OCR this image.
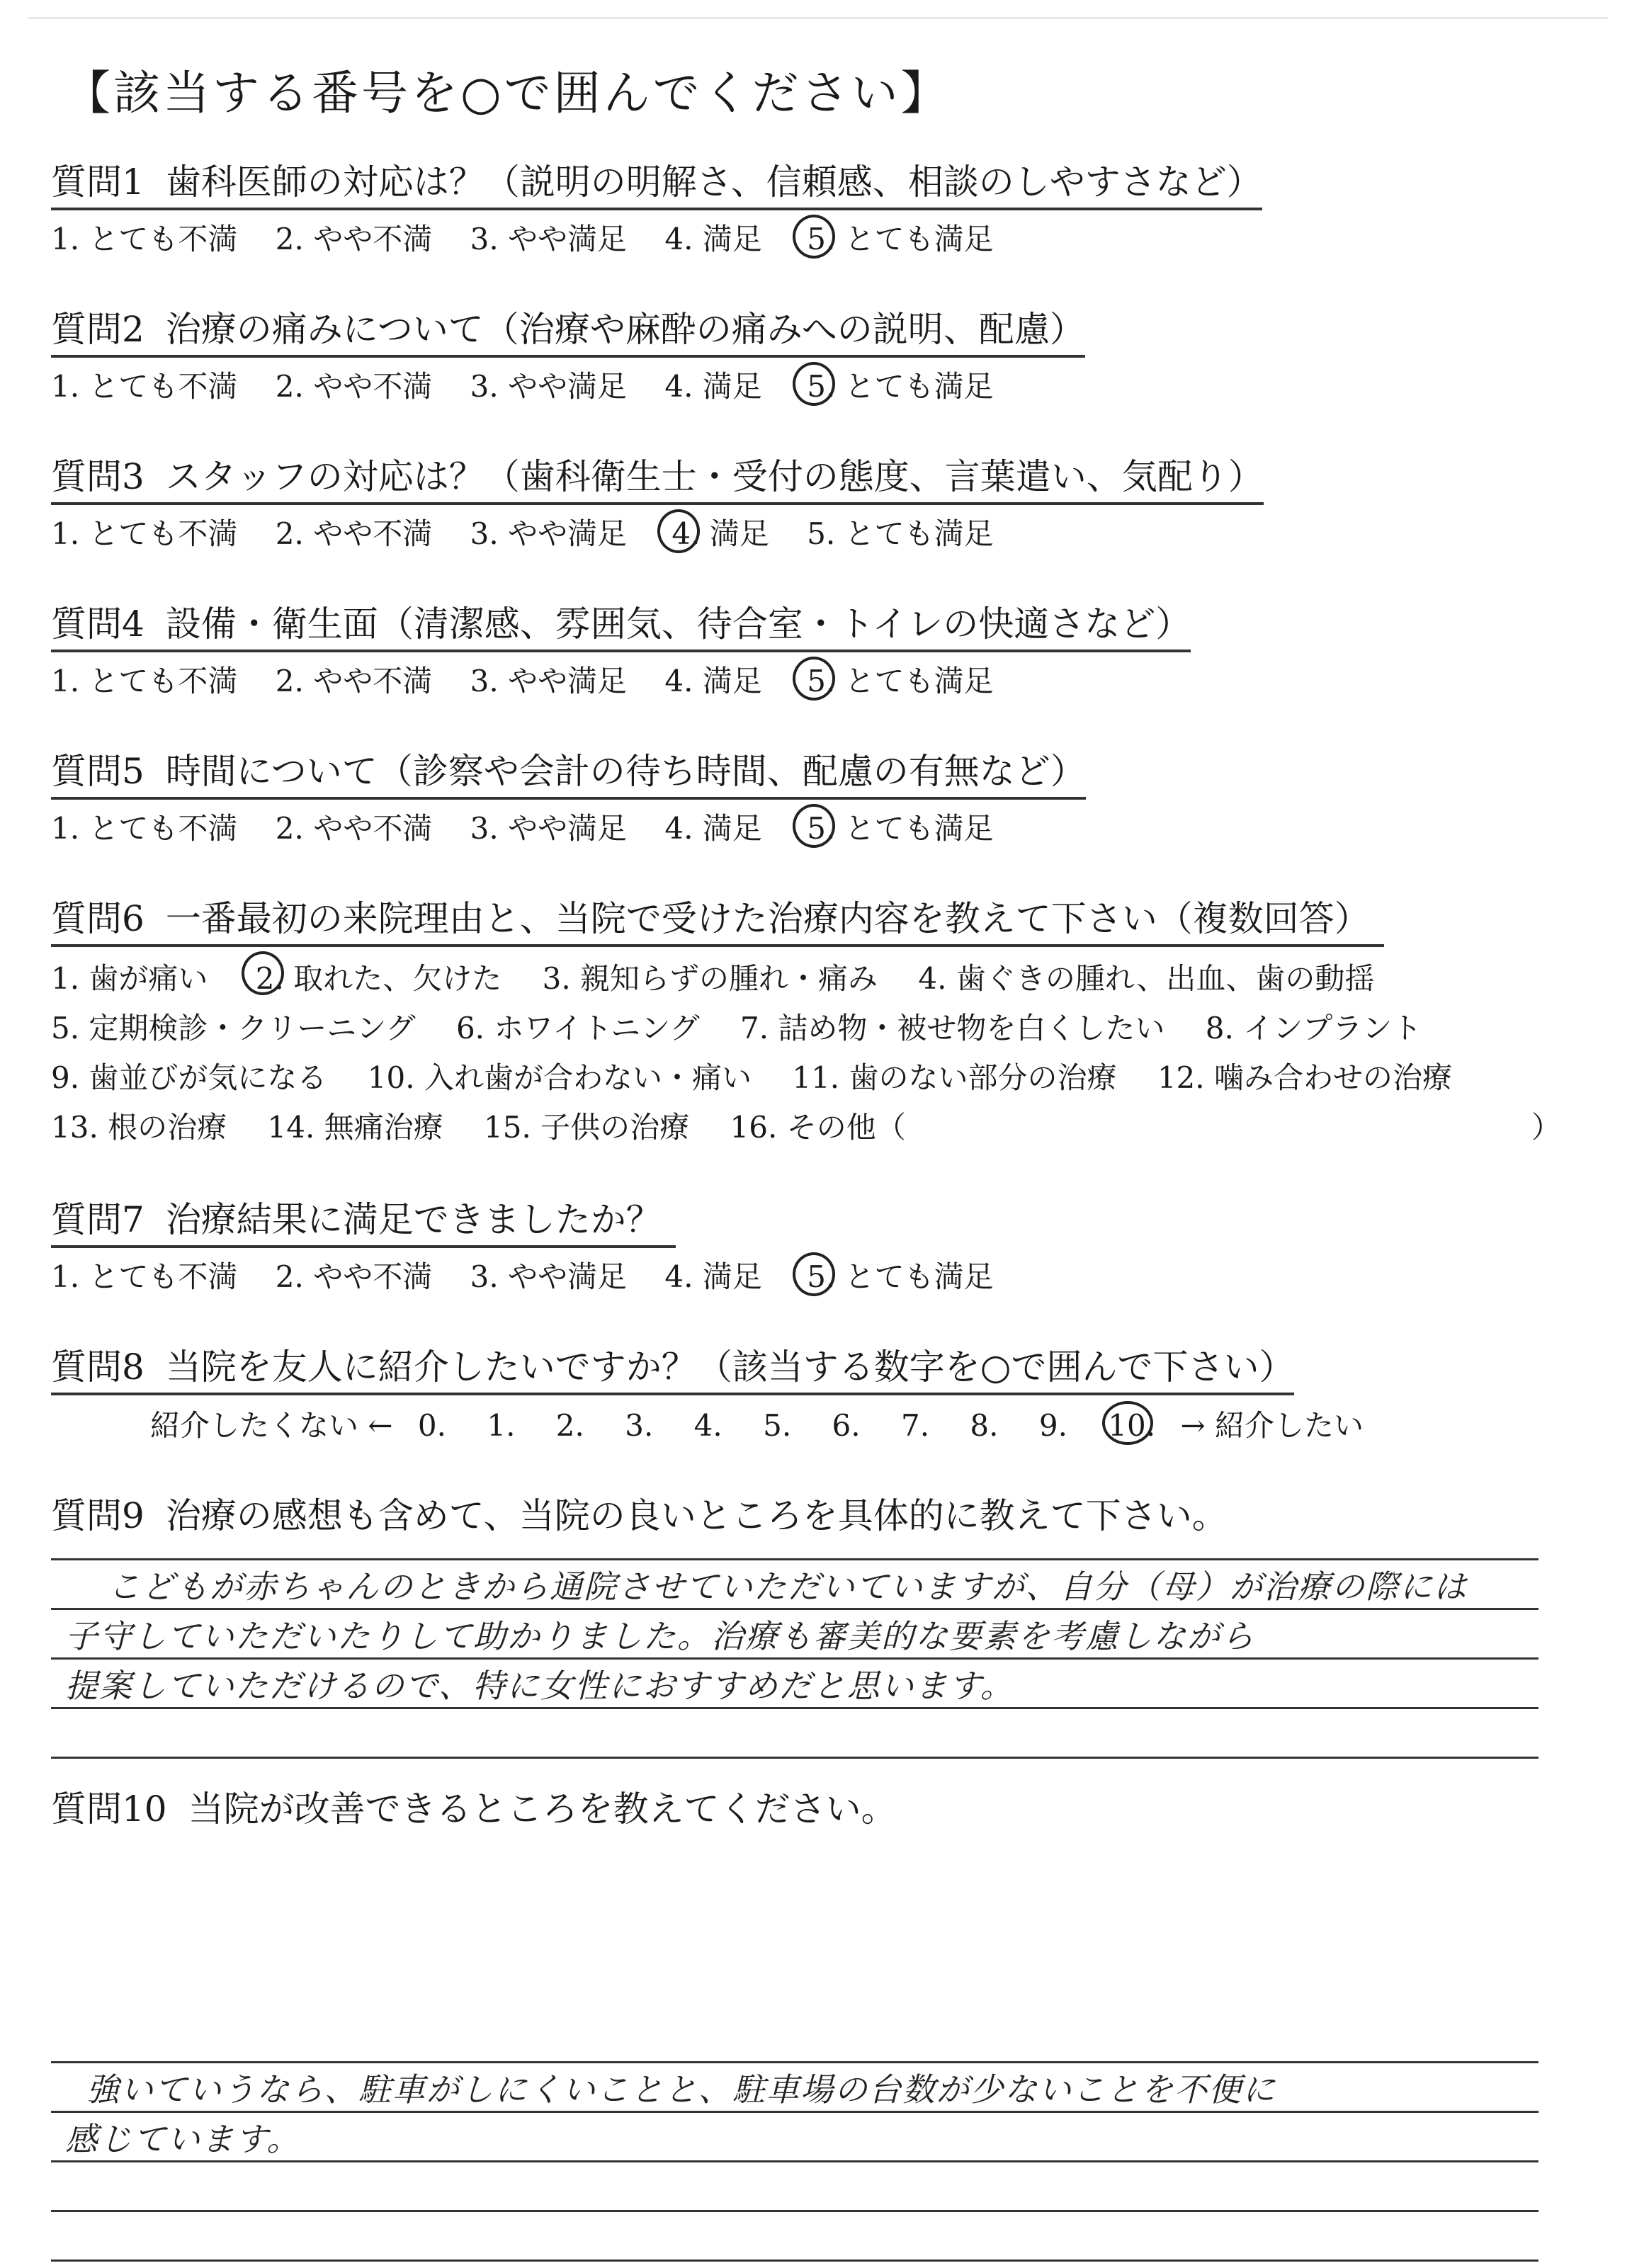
【該当する番号を○で囲んでください】
質問1 歯科医師の対応は？（説明の明解さ、信頼感、相談のしやすさなど）
1. とても不満 2. やや不満 3. やや満足 4. 満足 5. とても満足
質問2 治療の痛みについて（治療や麻酔の痛みへの説明、配慮）
1. とても不満 2. やや不満 3. やや満足 4. 満足 5. とても満足
質問3 スタッフの対応は？（歯科衛生士・受付の態度、言葉遣い、気配り）
1. とても不満 2. やや不満 3. やや満足 4. 満足 5. とても満足
質問4 設備・衛生面（清潔感、雰囲気、待合室・トイレの快適さなど）
1. とても不満 2. やや不満 3. やや満足 4. 満足 5. とても満足
質問5 時間について（診察や会計の待ち時間、配慮の有無など）
1. とても不満 2. やや不満 3. やや満足 4. 満足 5. とても満足
質問6 一番最初の来院理由と、当院で受けた治療内容を教えて下さい（複数回答）
1. 歯が痛い 2. 取れた、欠けた 3. 親知らずの腫れ・痛み 4. 歯ぐきの腫れ、出血、歯の動揺
5. 定期検診・クリーニング 6. ホワイトニング 7. 詰め物・被せ物を白くしたい 8. インプラント
9. 歯並びが気になる 10. 入れ歯が合わない・痛い 11. 歯のない部分の治療 12. 噛み合わせの治療
13. 根の治療 14. 無痛治療 15. 子供の治療 16. その他（	）
質問7 治療結果に満足できましたか？
1. とても不満 2. やや不満 3. やや満足 4. 満足 5. とても満足
質問8 当院を友人に紹介したいですか？（該当する数字を○で囲んで下さい）
紹介したくない ← 0. 1. 2. 3. 4. 5. 6. 7. 8. 9. 10. → 紹介したい
質問9 治療の感想も含めて、当院の良いところを具体的に教えて下さい。
こどもが赤ちゃんのときから通院させていただいていますが、自分（母）が治療の際には
子守していただいたりして助かりました。治療も審美的な要素を考慮しながら
提案していただけるので、特に女性におすすめだと思います。
質問10 当院が改善できるところを教えてください。
強いていうなら、駐車がしにくいことと、駐車場の台数が少ないことを不便に
感じています。
